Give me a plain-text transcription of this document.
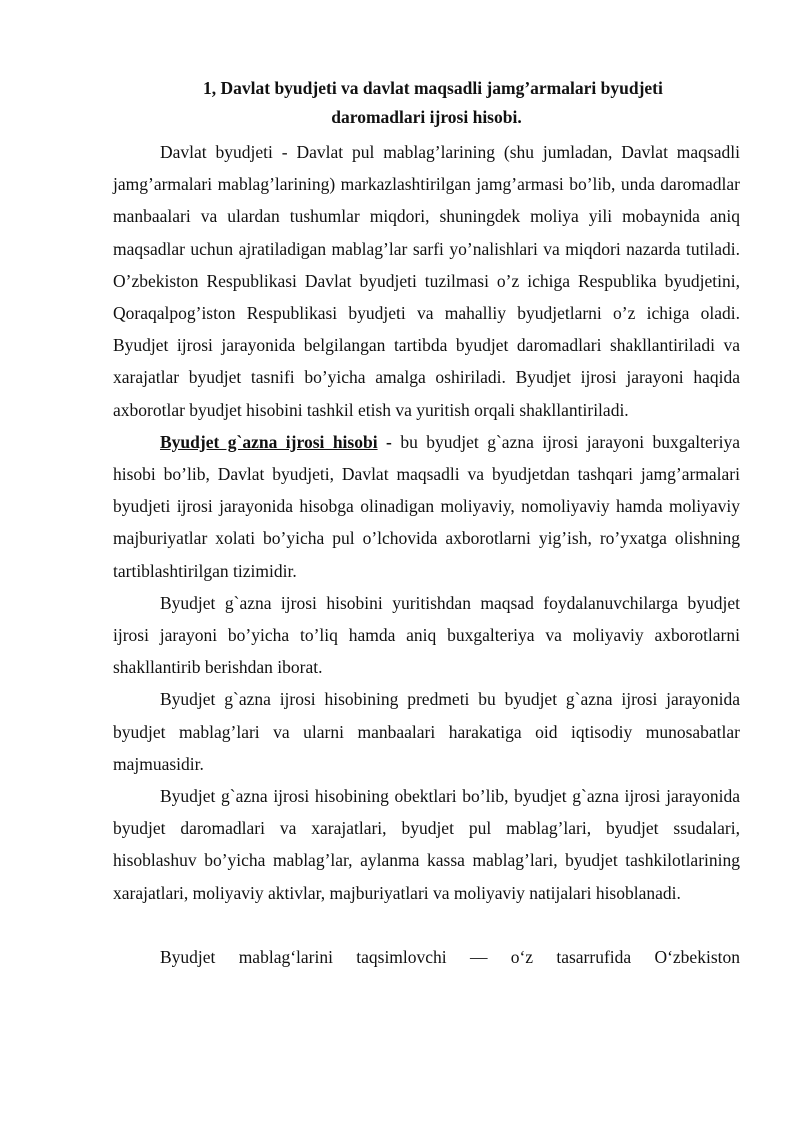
1, Davlat byudjeti va davlat maqsadli jamg’armalari byudjeti
daromadlari ijrosi hisobi.

Davlat byudjeti - Davlat pul mablag’larining (shu jumladan, Davlat maqsadli jamg’armalari mablag’larining) markazlashtirilgan jamg’armasi bo’lib, unda daromadlar manbaalari va ulardan tushumlar miqdori, shuningdek moliya yili mobaynida aniq maqsadlar uchun ajratiladigan mablag’lar sarfi yo’nalishlari va miqdori nazarda tutiladi. O’zbekiston Respublikasi Davlat byudjeti tuzilmasi o’z ichiga Respublika byudjetini, Qoraqalpog’iston Respublikasi byudjeti va mahalliy byudjetlarni o’z ichiga oladi. Byudjet ijrosi jarayonida belgilangan tartibda byudjet daromadlari shakllantiriladi va xarajatlar byudjet tasnifi bo’yicha amalga oshiriladi. Byudjet ijrosi jarayoni haqida axborotlar byudjet hisobini tashkil etish va yuritish orqali shakllantiriladi.

Byudjet g`azna ijrosi hisobi - bu byudjet g`azna ijrosi jarayoni buxgalteriya hisobi bo’lib, Davlat byudjeti, Davlat maqsadli va byudjetdan tashqari jamg’armalari byudjeti ijrosi jarayonida hisobga olinadigan moliyaviy, nomoliyaviy hamda moliyaviy majburiyatlar xolati bo’yicha pul o’lchovida axborotlarni yig’ish, ro’yxatga olishning tartiblashtirilgan tizimidir.

Byudjet g`azna ijrosi hisobini yuritishdan maqsad foydalanuvchilarga byudjet ijrosi jarayoni bo’yicha to’liq hamda aniq buxgalteriya va moliyaviy axborotlarni shakllantirib berishdan iborat.

Byudjet g`azna ijrosi hisobining predmeti bu byudjet g`azna ijrosi jarayonida byudjet mablag’lari va ularni manbaalari harakatiga oid iqtisodiy munosabatlar majmuasidir.

Byudjet g`azna ijrosi hisobining obektlari bo’lib, byudjet g`azna ijrosi jarayonida byudjet daromadlari va xarajatlari, byudjet pul mablag’lari, byudjet ssudalari, hisoblashuv bo’yicha mablag’lar, aylanma kassa mablag’lari, byudjet tashkilotlarining xarajatlari, moliyaviy aktivlar, majburiyatlari va moliyaviy natijalari hisoblanadi.

Byudjet mablag‘larini taqsimlovchi — o‘z tasarrufida O‘zbekiston
